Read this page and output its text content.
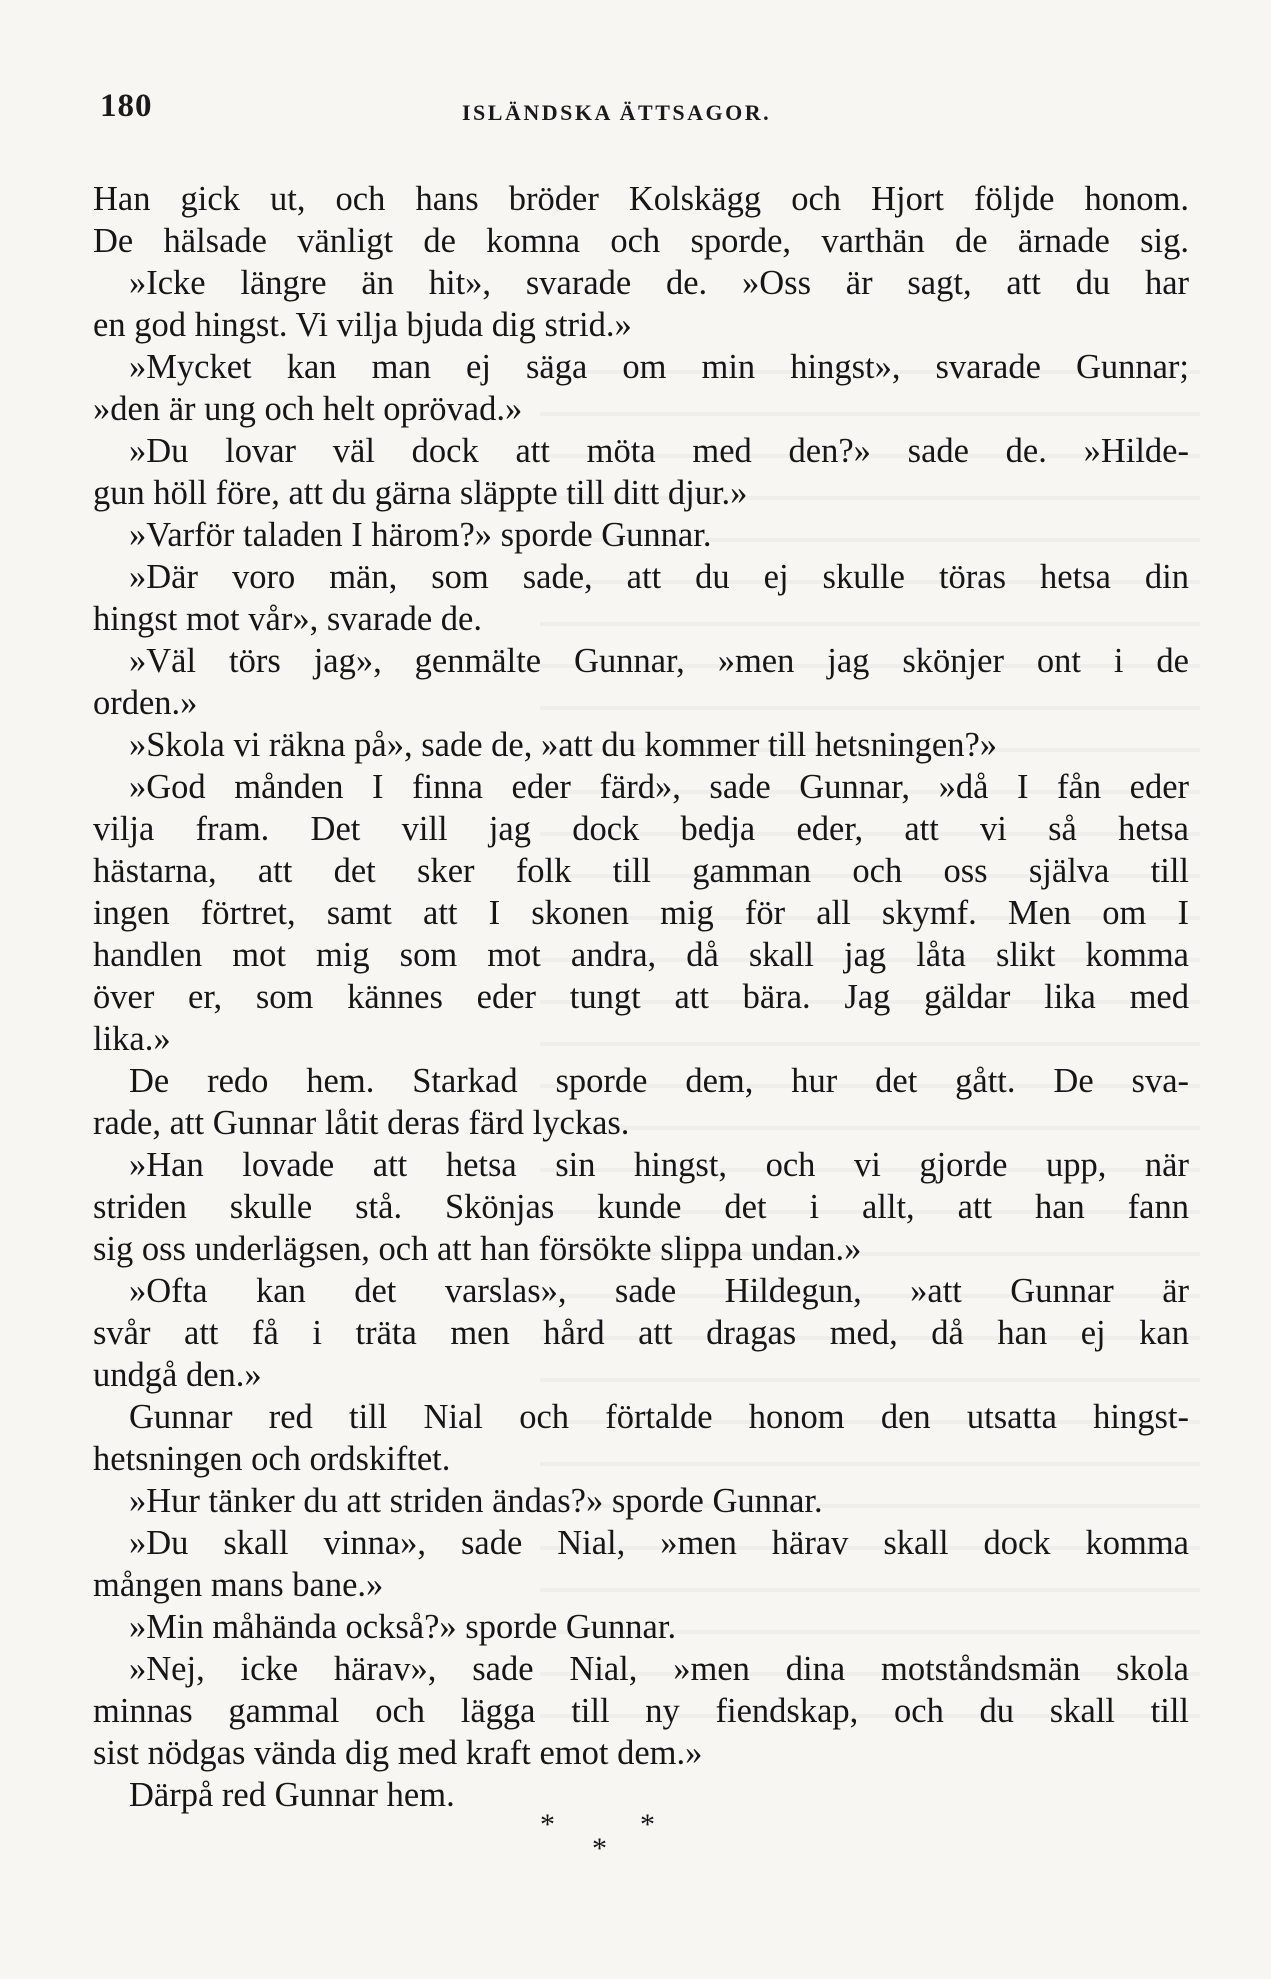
180	ISLÄNDSKA ÄTTSAGOR.
Han gick ut, och hans bröder Kolskägg och Hjort följde honom.
De hälsade vänligt de komna och sporde, varthän de ärnade sig.
»Icke längre än hit», svarade de. »Oss är sagt, att du har
en god hingst. Vi vilja bjuda dig strid.»
»Mycket kan man ej säga om min hingst», svarade Gunnar;
»den är ung och helt oprövad.»
»Du lovar väl dock att möta med den?» sade de. »Hilde-
gun höll före, att du gärna släppte till ditt djur.»
»Varför taladen I härom?» sporde Gunnar.
»Där voro män, som sade, att du ej skulle töras hetsa din
hingst mot vår», svarade de.
»Väl törs jag», genmälte Gunnar, »men jag skönjer ont i de
orden.»
»Skola vi räkna på», sade de, »att du kommer till hetsningen?»
»God månden I finna eder färd», sade Gunnar, »då I fån eder
vilja fram. Det vill jag dock bedja eder, att vi så hetsa
hästarna, att det sker folk till gamman och oss själva till
ingen förtret, samt att I skonen mig för all skymf. Men om I
handlen mot mig som mot andra, då skall jag låta slikt komma
över er, som kännes eder tungt att bära. Jag gäldar lika med
lika.»
De redo hem. Starkad sporde dem, hur det gått. De sva-
rade, att Gunnar låtit deras färd lyckas.
»Han lovade att hetsa sin hingst, och vi gjorde upp, när
striden skulle stå. Skönjas kunde det i allt, att han fann
sig oss underlägsen, och att han försökte slippa undan.»
»Ofta kan det varslas», sade Hildegun, »att Gunnar är
svår att få i träta men hård att dragas med, då han ej kan
undgå den.»
Gunnar red till Nial och förtalde honom den utsatta hingst-
hetsningen och ordskiftet.
»Hur tänker du att striden ändas?» sporde Gunnar.
»Du skall vinna», sade Nial, »men härav skall dock komma
mången mans bane.»
»Min måhända också?» sporde Gunnar.
»Nej, icke härav», sade Nial, »men dina motståndsmän skola
minnas gammal och lägga till ny fiendskap, och du skall till
sist nödgas vända dig med kraft emot dem.»
Därpå red Gunnar hem.
*	*
*
